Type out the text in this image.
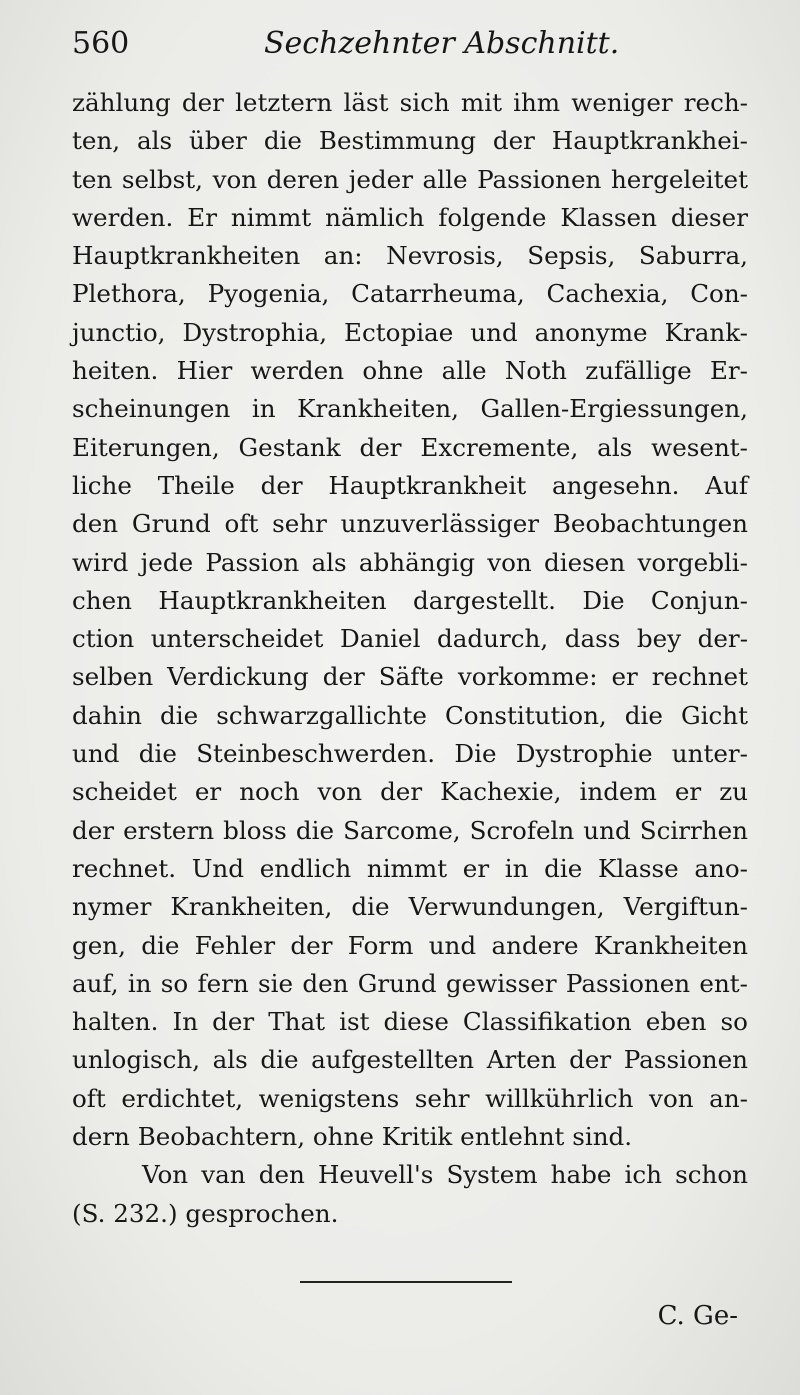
560	Sechzehnter Abschnitt.
zählung der letztern läst sich mit ihm weniger rech-
ten, als über die Bestimmung der Hauptkrankhei-
ten selbst, von deren jeder alle Passionen hergeleitet
werden. Er nimmt nämlich folgende Klassen dieser
Hauptkrankheiten an: Nevrosis, Sepsis, Saburra,
Plethora, Pyogenia, Catarrheuma, Cachexia, Con-
junctio, Dystrophia, Ectopiae und anonyme Krank-
heiten. Hier werden ohne alle Noth zufällige Er-
scheinungen in Krankheiten, Gallen-Ergiessungen,
Eiterungen, Gestank der Excremente, als wesent-
liche Theile der Hauptkrankheit angesehn. Auf
den Grund oft sehr unzuverlässiger Beobachtungen
wird jede Passion als abhängig von diesen vorgebli-
chen Hauptkrankheiten dargestellt. Die Conjun-
ction unterscheidet Daniel dadurch, dass bey der-
selben Verdickung der Säfte vorkomme: er rechnet
dahin die schwarzgallichte Constitution, die Gicht
und die Steinbeschwerden. Die Dystrophie unter-
scheidet er noch von der Kachexie, indem er zu
der erstern bloss die Sarcome, Scrofeln und Scirrhen
rechnet. Und endlich nimmt er in die Klasse ano-
nymer Krankheiten, die Verwundungen, Vergiftun-
gen, die Fehler der Form und andere Krankheiten
auf, in so fern sie den Grund gewisser Passionen ent-
halten. In der That ist diese Classifikation eben so
unlogisch, als die aufgestellten Arten der Passionen
oft erdichtet, wenigstens sehr willkührlich von an-
dern Beobachtern, ohne Kritik entlehnt sind.
Von van den Heuvell's System habe ich schon
(S. 232.) gesprochen.
C. Ge-
